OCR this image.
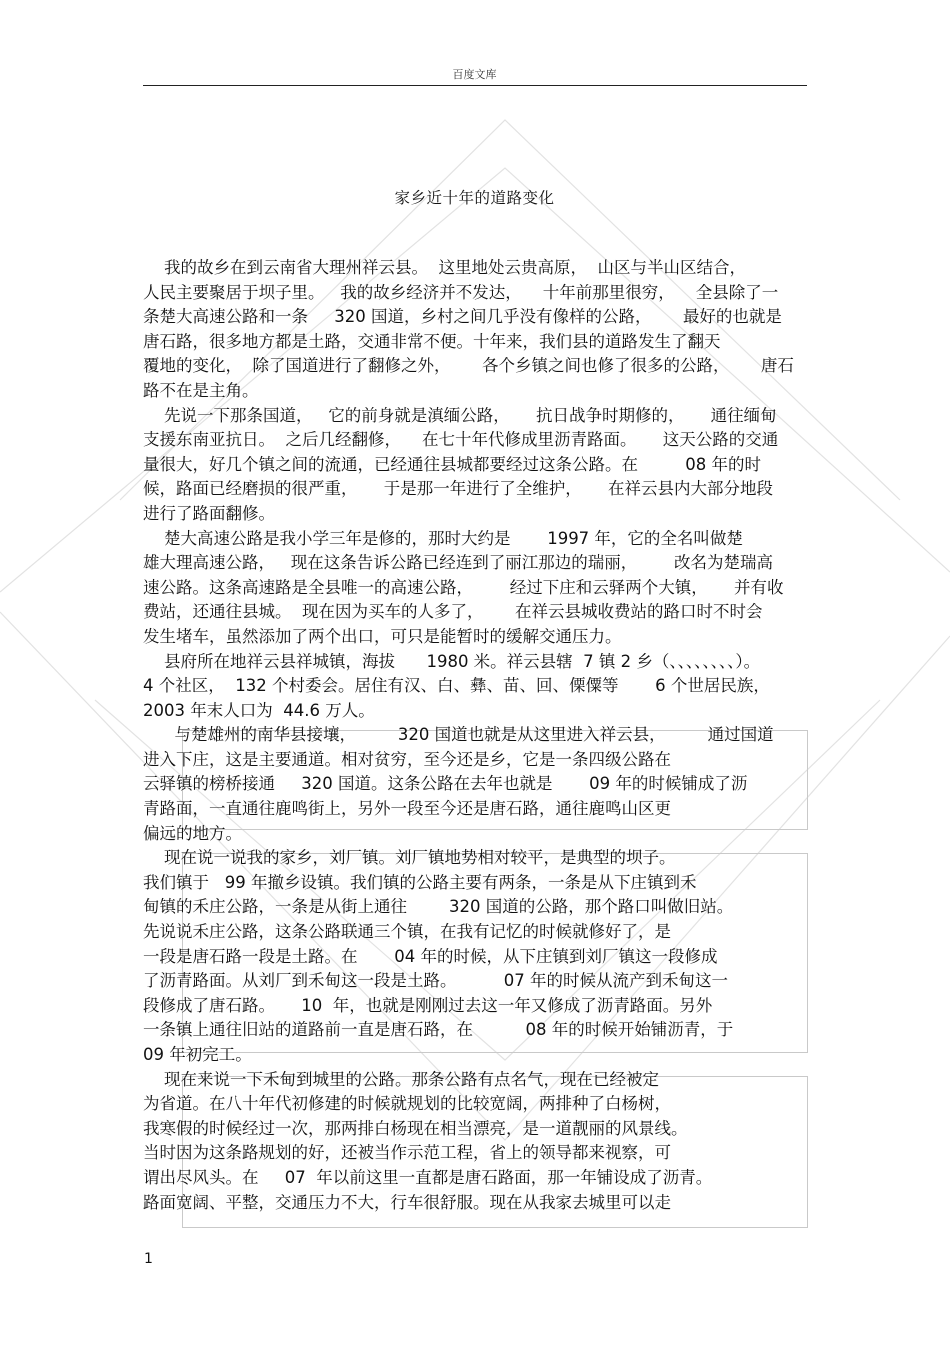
百度文库
家乡近十年的道路变化
我的故乡在到云南省大理州祥云县。  这里地处云贵高原，  山区与半山区结合，
人民主要聚居于坝子里。   我的故乡经济并不发达，    十年前那里很穷，    全县除了一
条楚大高速公路和一条     320 国道，乡村之间几乎没有像样的公路，      最好的也就是
唐石路，很多地方都是土路，交通非常不便。十年来，我们县的道路发生了翻天
覆地的变化，  除了国道进行了翻修之外，      各个乡镇之间也修了很多的公路，      唐石
路不在是主角。
先说一下那条国道，   它的前身就是滇缅公路，     抗日战争时期修的，     通往缅甸
支援东南亚抗日。  之后几经翻修，    在七十年代修成里沥青路面。     这天公路的交通
量很大，好几个镇之间的流通，已经通往县城都要经过这条公路。在         08 年的时
候，路面已经磨损的很严重，     于是那一年进行了全维护，     在祥云县内大部分地段
进行了路面翻修。
楚大高速公路是我小学三年是修的，那时大约是       1997 年，它的全名叫做楚
雄大理高速公路，   现在这条告诉公路已经连到了丽江那边的瑞丽，       改名为楚瑞高
速公路。这条高速路是全县唯一的高速公路，       经过下庄和云驿两个大镇，     并有收
费站，还通往县城。  现在因为买车的人多了，      在祥云县城收费站的路口时不时会
发生堵车，虽然添加了两个出口，可只是能暂时的缓解交通压力。
县府所在地祥云县祥城镇，海拔      1980 米。祥云县辖  7 镇 2 乡（、、、、、、、、）。
4 个社区，  132 个村委会。居住有汉、白、彝、苗、回、傈僳等       6 个世居民族，
2003 年末人口为  44.6 万人。
与楚雄州的南华县接壤，        320 国道也就是从这里进入祥云县，        通过国道
进入下庄，这是主要通道。相对贫穷，至今还是乡，它是一条四级公路在
云驿镇的榜桥接通     320 国道。这条公路在去年也就是       09 年的时候铺成了沥
青路面，一直通往鹿鸣街上，另外一段至今还是唐石路，通往鹿鸣山区更
偏远的地方。
现在说一说我的家乡，刘厂镇。刘厂镇地势相对较平，是典型的坝子。
我们镇于   99 年撤乡设镇。我们镇的公路主要有两条，一条是从下庄镇到禾
甸镇的禾庄公路，一条是从街上通往        320 国道的公路，那个路口叫做旧站。
先说说禾庄公路，这条公路联通三个镇，在我有记忆的时候就修好了，是
一段是唐石路一段是土路。在       04 年的时候，从下庄镇到刘厂镇这一段修成
了沥青路面。从刘厂到禾甸这一段是土路。         07 年的时候从流产到禾甸这一
段修成了唐石路。     10  年，也就是刚刚过去这一年又修成了沥青路面。另外
一条镇上通往旧站的道路前一直是唐石路，在          08 年的时候开始铺沥青，于
09 年初完工。
现在来说一下禾甸到城里的公路。那条公路有点名气，现在已经被定
为省道。在八十年代初修建的时候就规划的比较宽阔，两排种了白杨树，
我寒假的时候经过一次，那两排白杨现在相当漂亮，是一道靓丽的风景线。
当时因为这条路规划的好，还被当作示范工程，省上的领导都来视察，可
谓出尽风头。在     07  年以前这里一直都是唐石路面，那一年铺设成了沥青。
路面宽阔、平整，交通压力不大，行车很舒服。现在从我家去城里可以走
1
